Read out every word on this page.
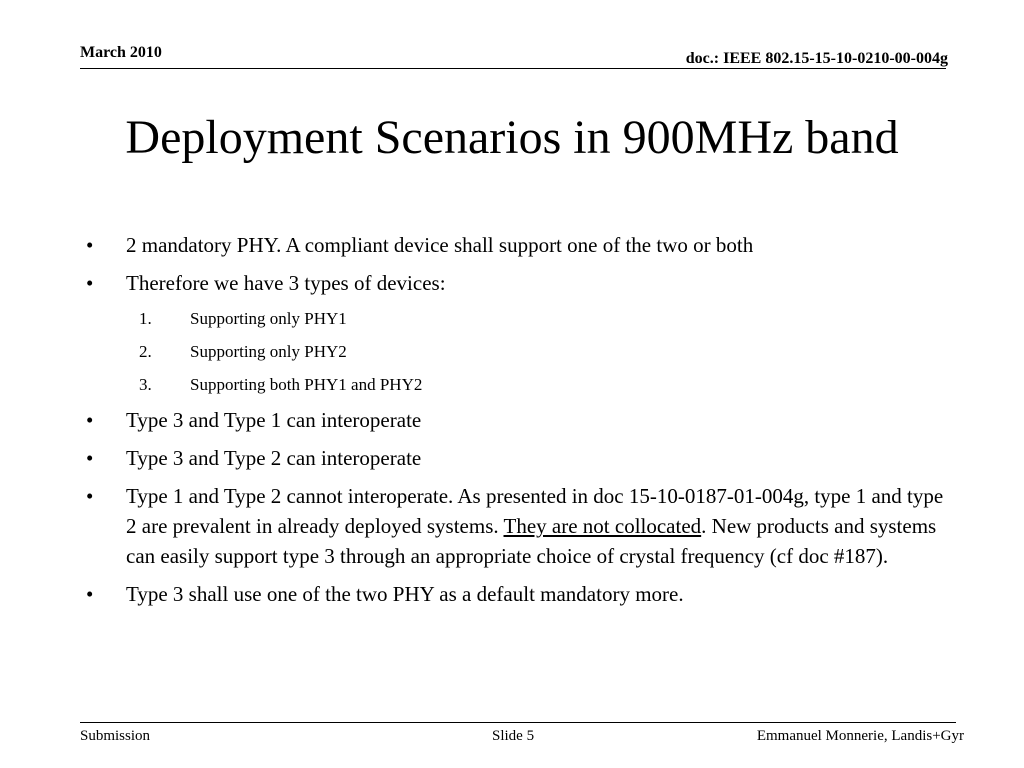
March 2010	doc.: IEEE 802.15-15-10-0210-00-004g
Deployment Scenarios in 900MHz band
• 2 mandatory PHY. A compliant device shall support one of the two or both
• Therefore we have 3 types of devices:
1. Supporting only PHY1
2. Supporting only PHY2
3. Supporting both PHY1 and PHY2
• Type 3 and Type 1 can interoperate
• Type 3 and Type 2 can interoperate
• Type 1 and Type 2 cannot interoperate. As presented in doc 15-10-0187-01-004g, type 1 and type 2 are prevalent in already deployed systems. They are not collocated. New products and systems can easily support type 3 through an appropriate choice of crystal frequency (cf doc #187).
• Type 3 shall use one of the two PHY as a default mandatory more.
Submission	Slide 5	Emmanuel Monnerie, Landis+Gyr
